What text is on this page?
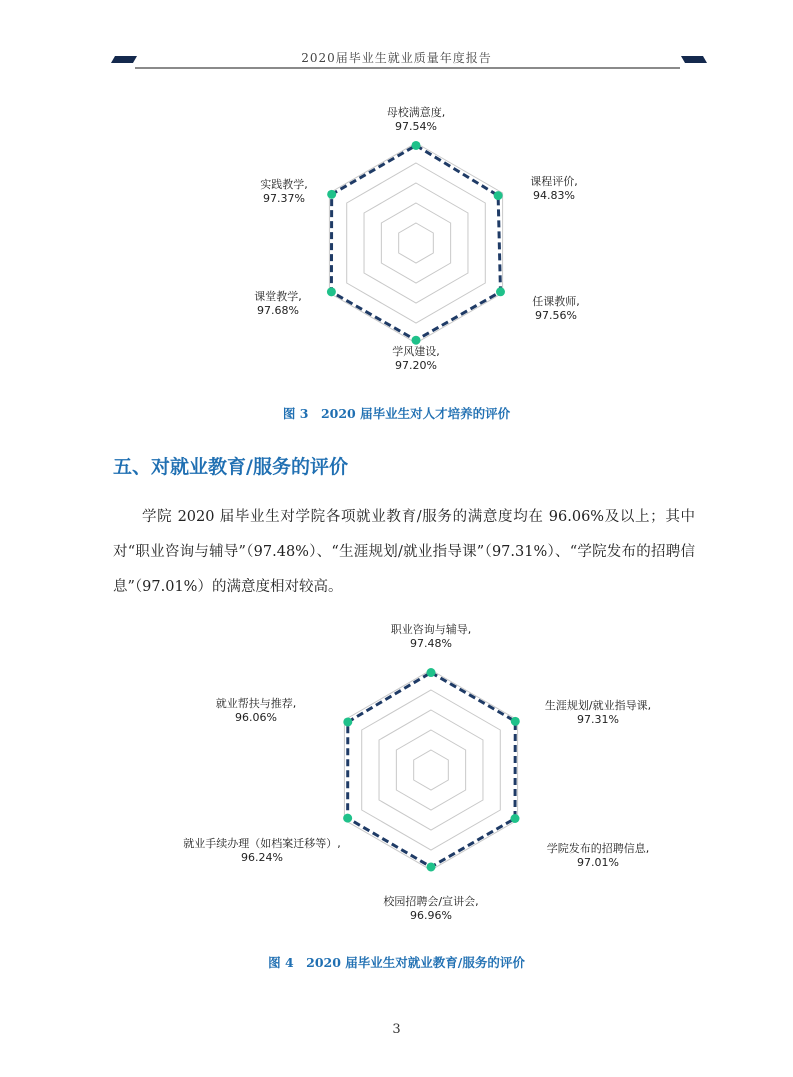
2020届毕业生就业质量年度报告
母校满意度,
97.54%
课程评价,
94.83%
任课教师,
97.56%
学风建设,
97.20%
课堂教学,
97.68%
实践教学,
97.37%
图 3　2020 届毕业生对人才培养的评价
五、对就业教育/服务的评价

学院 2020 届毕业生对学院各项就业教育/服务的满意度均在 96.06%及以上；其中对“职业咨询与辅导”（97.48%）、“生涯规划/就业指导课”（97.31%）、“学院发布的招聘信息”（97.01%）的满意度相对较高。

职业咨询与辅导,
97.48%
生涯规划/就业指导课,
97.31%
学院发布的招聘信息,
97.01%
校园招聘会/宣讲会,
96.96%
就业手续办理（如档案迁移等）,
96.24%
就业帮扶与推荐,
96.06%
图 4　2020 届毕业生对就业教育/服务的评价
3
